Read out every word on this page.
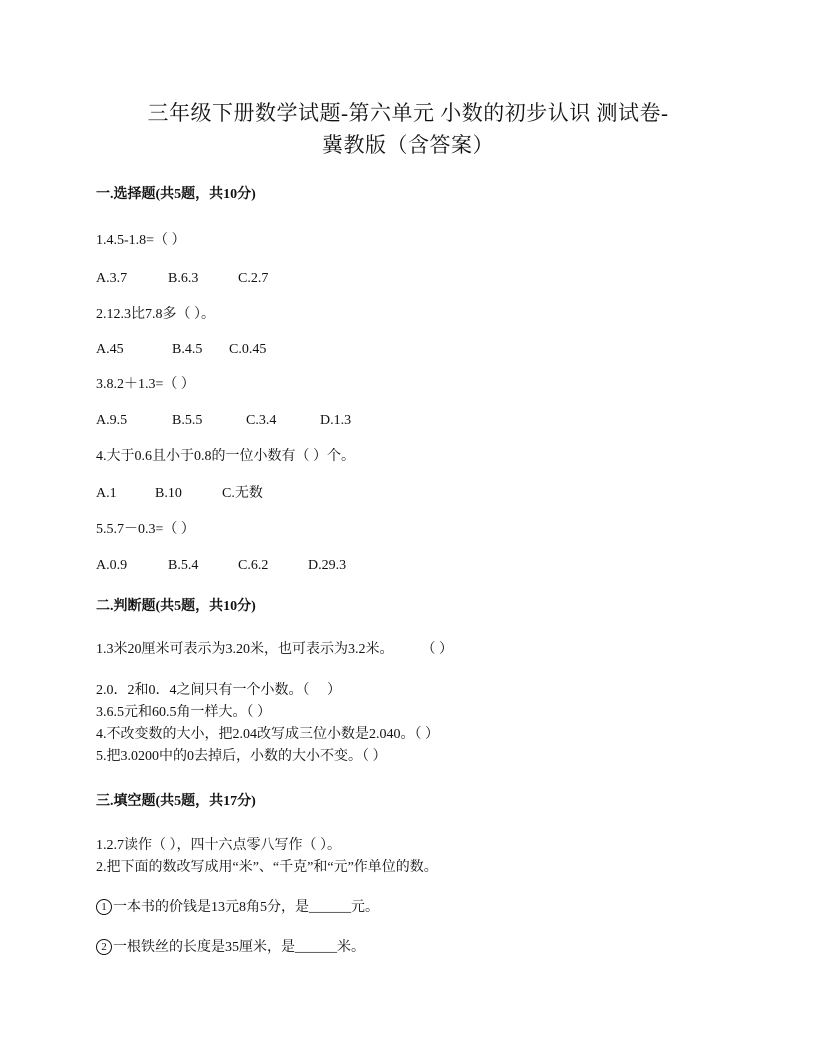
三年级下册数学试题-第六单元 小数的初步认识 测试卷-
冀教版（含答案）
一.选择题(共5题，共10分)
1.4.5-1.8=（ ）
A.3.7	B.6.3	C.2.7
2.12.3比7.8多（ ）。
A.45	B.4.5 C.0.45
3.8.2＋1.3=（ ）
A.9.5	B.5.5	C.3.4	D.1.3
4.大于0.6且小于0.8的一位小数有（ ）个。
A.1	B.10	C.无数
5.5.7－0.3=（ ）
A.0.9	B.5.4	C.6.2	D.29.3
二.判断题(共5题，共10分)
1.3米20厘米可表示为3.20米，也可表示为3.2米。        （ ）
2.0．2和0．4之间只有一个小数。（     ）
3.6.5元和60.5角一样大。（ ）
4.不改变数的大小，把2.04改写成三位小数是2.040。（ ）
5.把3.0200中的0去掉后，小数的大小不变。（ ）
三.填空题(共5题，共17分)
1.2.7读作（ ），四十六点零八写作（ ）。
2.把下面的数改写成用“米”、“千克”和“元”作单位的数。
1 一本书的价钱是13元8角5分，是______元。
2 一根铁丝的长度是35厘米，是______米。
